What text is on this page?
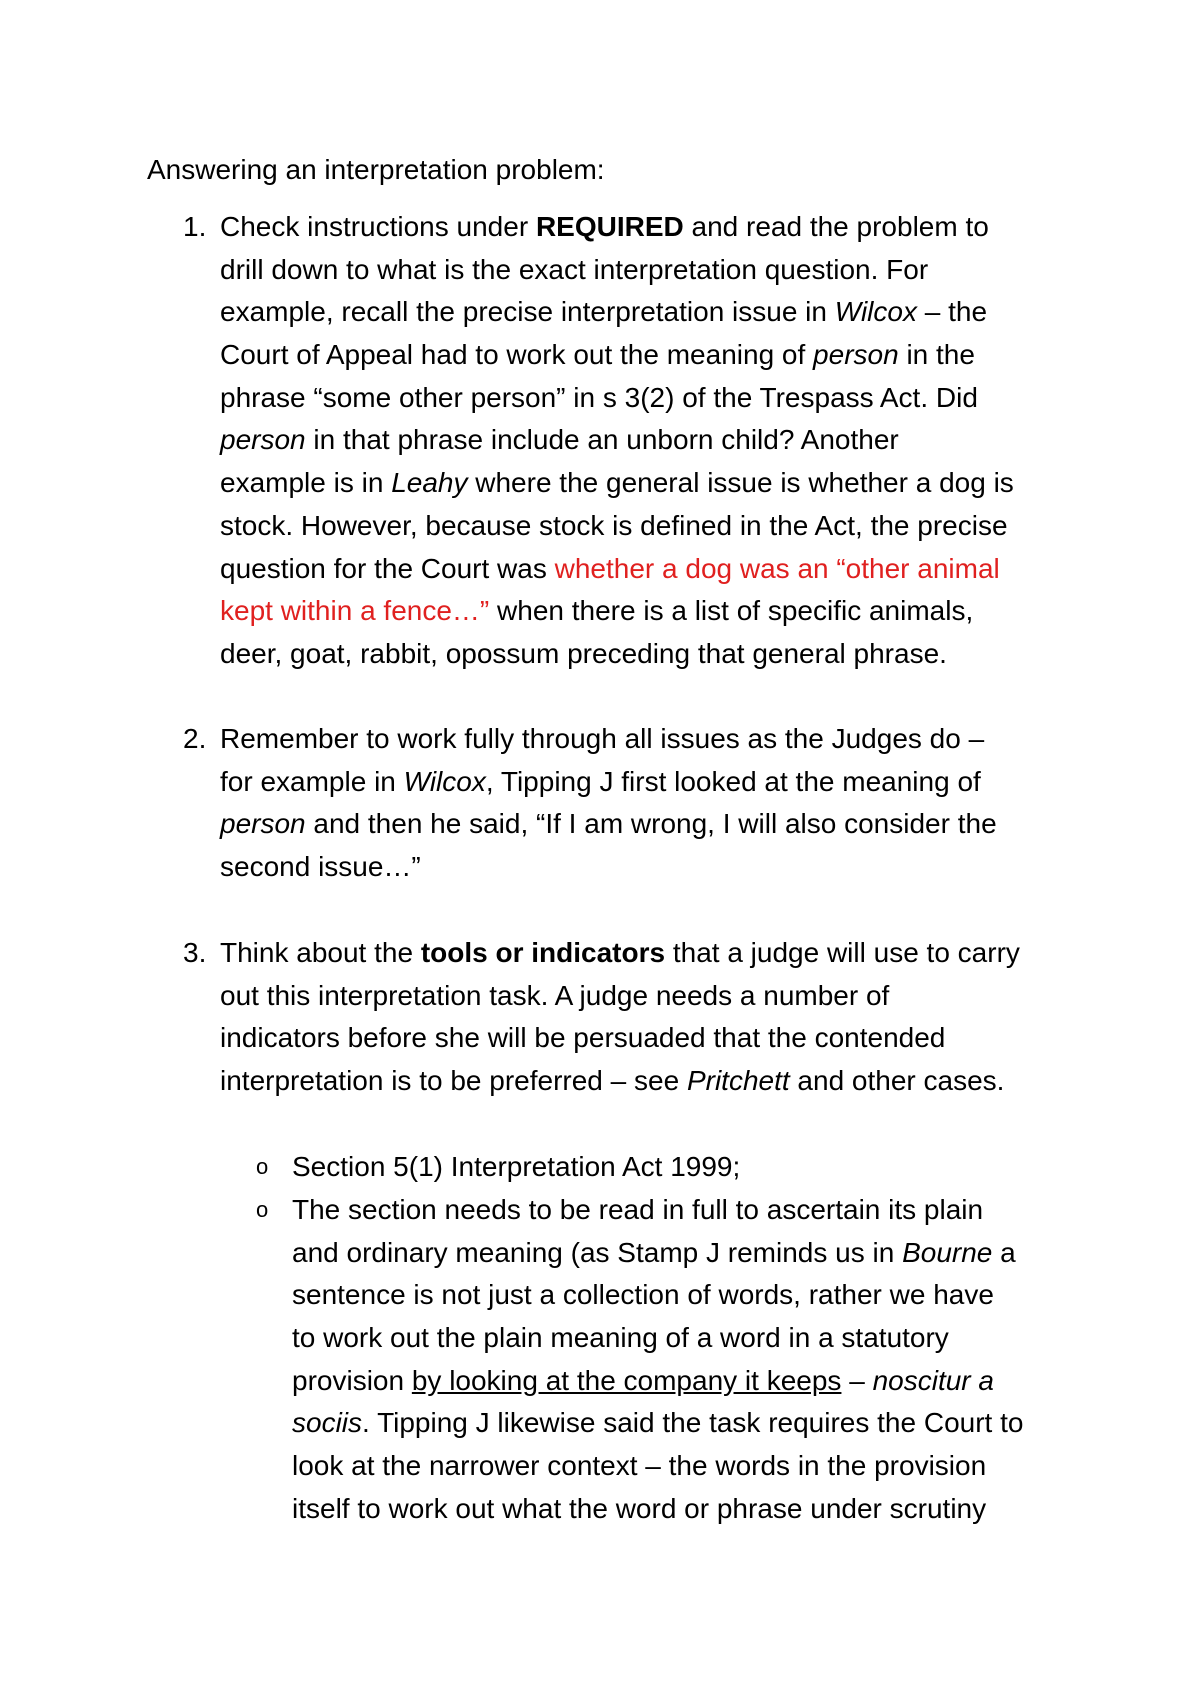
Answering an interpretation problem:
1. Check instructions under REQUIRED and read the problem to
drill down to what is the exact interpretation question. For
example, recall the precise interpretation issue in Wilcox – the
Court of Appeal had to work out the meaning of person in the
phrase “some other person” in s 3(2) of the Trespass Act. Did
person in that phrase include an unborn child? Another
example is in Leahy where the general issue is whether a dog is
stock. However, because stock is defined in the Act, the precise
question for the Court was whether a dog was an “other animal
kept within a fence…” when there is a list of specific animals,
deer, goat, rabbit, opossum preceding that general phrase.
2. Remember to work fully through all issues as the Judges do –
for example in Wilcox, Tipping J first looked at the meaning of
person and then he said, “If I am wrong, I will also consider the
second issue…”
3. Think about the tools or indicators that a judge will use to carry
out this interpretation task. A judge needs a number of
indicators before she will be persuaded that the contended
interpretation is to be preferred – see Pritchett and other cases.
o Section 5(1) Interpretation Act 1999;
o The section needs to be read in full to ascertain its plain
and ordinary meaning (as Stamp J reminds us in Bourne a
sentence is not just a collection of words, rather we have
to work out the plain meaning of a word in a statutory
provision by looking at the company it keeps – noscitur a
sociis. Tipping J likewise said the task requires the Court to
look at the narrower context – the words in the provision
itself to work out what the word or phrase under scrutiny
